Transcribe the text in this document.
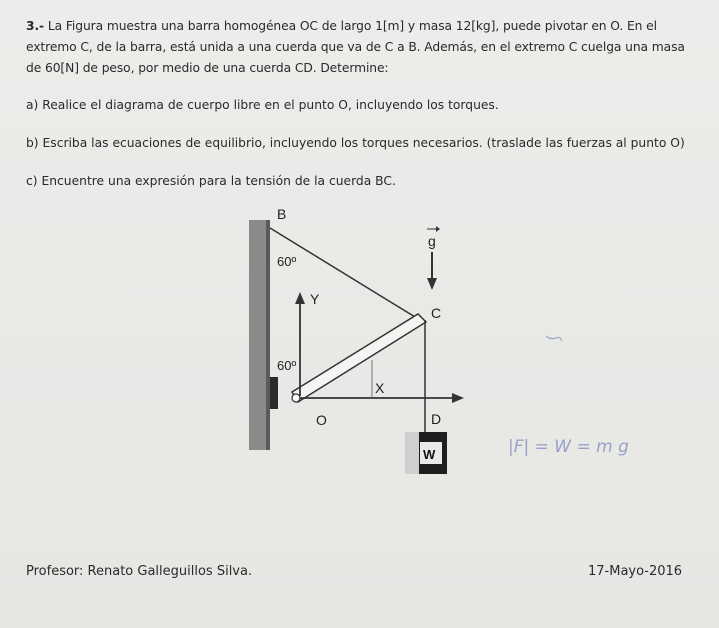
3.- La Figura muestra una barra homogénea OC de largo 1[m] y masa 12[kg], puede pivotar en O. En el extremo C, de la barra, está unida a una cuerda que va de C a B. Además, en el extremo C cuelga una masa de 60[N] de peso, por medio de una cuerda CD. Determine:
a) Realice el diagrama de cuerpo libre en el punto O, incluyendo los torques.
b) Escriba las ecuaciones de equilibrio, incluyendo los torques necesarios. (traslade las fuerzas al punto O)
c) Encuentre una expresión para la tensión de la cuerda BC.
B
60º
g
Y
C
60º
X
O	D
W	|F| = W = m g
Profesor: Renato Galleguillos Silva.	17-Mayo-2016
